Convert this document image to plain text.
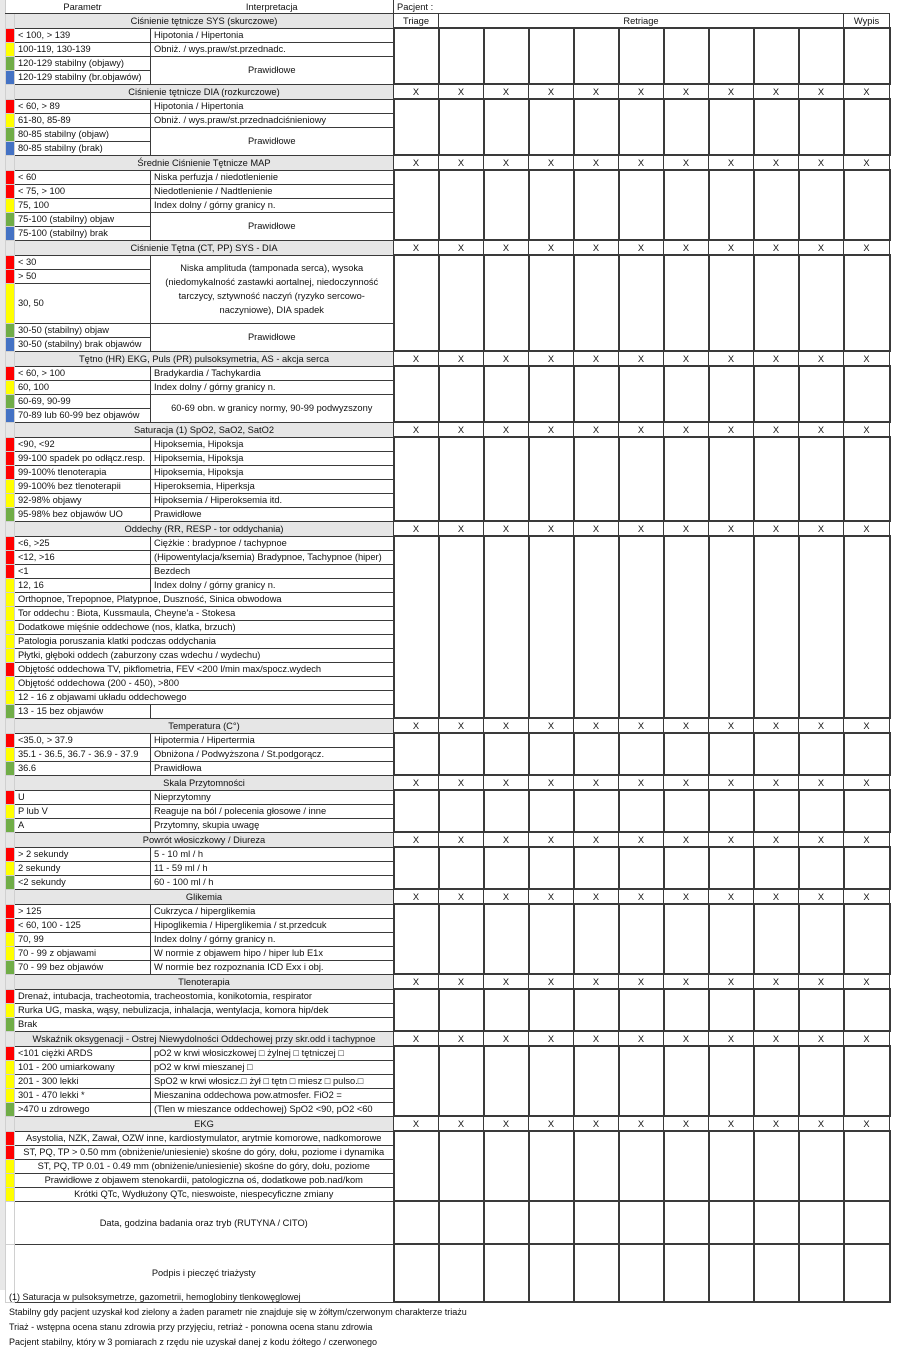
	Parametr	Interpretacja	Pacjent :										
	Ciśnienie tętnicze SYS (skurczowe)		Triage	Retriage									Wypis
	< 100, > 139	Hipotonia / Hipertonia											
	100-119, 130-139	Obniż. / wys.praw/st.przednadc.											
	120-129 stabilny (objawy)	Prawidłowe											
	120-129 stabilny (br.objawów)												
	Ciśnienie tętnicze DIA (rozkurczowe)		X	X	X	X	X	X	X	X	X	X	X
	< 60, > 89	Hipotonia / Hipertonia											
	61-80, 85-89	Obniż. / wys.praw/st.przednadciśnieniowy											
	80-85 stabilny (objaw)	Prawidłowe											
	80-85 stabilny (brak)												
	Średnie Ciśnienie Tętnicze MAP		X	X	X	X	X	X	X	X	X	X	X
	< 60	Niska perfuzja / niedotlenienie											
	< 75, > 100	Niedotlenienie / Nadtlenienie											
	75, 100	Index dolny / górny granicy n.											
	75-100 (stabilny) objaw	Prawidłowe											
	75-100 (stabilny) brak												
	Ciśnienie Tętna (CT, PP) SYS - DIA		X	X	X	X	X	X	X	X	X	X	X
	< 30	Niska amplituda (tamponada serca), wysoka (niedomykalność zastawki aortalnej, niedoczynność tarczycy, sztywność naczyń (ryzyko sercowo-naczyniowe), DIA spadek											
	> 50												
	30, 50												
	30-50 (stabilny) objaw	Prawidłowe											
	30-50 (stabilny) brak objawów												
	Tętno (HR) EKG, Puls (PR) pulsoksymetria, AS - akcja serca		X	X	X	X	X	X	X	X	X	X	X
	< 60, > 100	Bradykardia / Tachykardia											
	60, 100	Index dolny / górny granicy n.											
	60-69, 90-99	60-69 obn. w granicy normy, 90-99 podwyzszony											
	70-89 lub 60-99 bez objawów												
	Saturacja (1) SpO2, SaO2, SatO2		X	X	X	X	X	X	X	X	X	X	X
	<90, <92	Hipoksemia, Hipoksja											
	99-100 spadek po odłącz.resp.	Hipoksemia, Hipoksja											
	99-100% tlenoterapia	Hipoksemia, Hipoksja											
	99-100% bez tlenoterapii	Hiperoksemia, Hiperksja											
	92-98% objawy	Hipoksemia / Hiperoksemia itd.											
	95-98% bez objawów UO	Prawidłowe											
	Oddechy (RR, RESP - tor oddychania)		X	X	X	X	X	X	X	X	X	X	X
	<6, >25	Ciężkie : bradypnoe / tachypnoe											
	<12, >16	(Hipowentylacja/ksemia) Bradypnoe, Tachypnoe (hiper)											
	<1	Bezdech											
	12, 16	Index dolny / górny granicy n.											
	Orthopnoe, Trepopnoe, Platypnoe, Duszność, Sinica obwodowa												
	Tor oddechu : Biota, Kussmaula, Cheyne'a - Stokesa												
	Dodatkowe mięśnie oddechowe (nos, klatka, brzuch)												
	Patologia poruszania klatki podczas oddychania												
	Płytki, głęboki oddech (zaburzony czas wdechu / wydechu)												
	Objętość oddechowa TV, pikflometria, FEV <200 l/min max/spocz.wydech												
	Objętość oddechowa (200 - 450), >800												
	12 - 16 z objawami układu oddechowego												
	13 - 15 bez objawów												
	Temperatura (C°)		X	X	X	X	X	X	X	X	X	X	X
	<35.0, > 37.9	Hipotermia / Hipertermia											
	35.1 - 36.5, 36.7 - 36.9 - 37.9	Obniżona / Podwyższona / St.podgorącz.											
	36.6	Prawidłowa											
	Skala Przytomności		X	X	X	X	X	X	X	X	X	X	X
	U	Nieprzytomny											
	P lub V	Reaguje na ból / polecenia głosowe / inne											
	A	Przytomny, skupia uwagę											
	Powrót włosiczkowy / Diureza		X	X	X	X	X	X	X	X	X	X	X
	> 2 sekundy	5 - 10 ml / h											
	2 sekundy	11 - 59 ml / h											
	<2 sekundy	60 - 100 ml / h											
	Glikemia		X	X	X	X	X	X	X	X	X	X	X
	> 125	Cukrzyca / hiperglikemia											
	< 60, 100 - 125	Hipoglikemia / Hiperglikemia / st.przedcuk											
	70, 99	Index dolny / górny granicy n.											
	70 - 99 z objawami	W normie z objawem hipo / hiper lub E1x											
	70 - 99 bez objawów	W normie bez rozpoznania ICD Exx i obj.											
	Tlenoterapia		X	X	X	X	X	X	X	X	X	X	X
	Drenaż, intubacja, tracheotomia, tracheostomia, konikotomia, respirator												
	Rurka UG, maska, wąsy, nebulizacja, inhalacja, wentylacja, komora hip/dek												
	Brak												
	Wskaźnik oksygenacji - Ostrej Niewydolności Oddechowej przy skr.odd i tachypnoe		X	X	X	X	X	X	X	X	X	X	X
	<101 ciężki ARDS	pO2 w krwi włosiczkowej □ żylnej □ tętniczej □											
	101 - 200 umiarkowany	pO2 w krwi mieszanej □											
	201 - 300 lekki	SpO2 w krwi włosicz.□ żył □ tętn □ miesz □ pulso.□											
	301 - 470 lekki *	Mieszanina oddechowa pow.atmosfer. FiO2 =											
	>470 u zdrowego	(Tlen w mieszance oddechowej) SpO2 <90, pO2 <60											
	EKG		X	X	X	X	X	X	X	X	X	X	X
	Asystolia, NZK, Zawał, OZW inne, kardiostymulator, arytmie komorowe, nadkomorowe												
	ST, PQ, TP > 0.50 mm (obniżenie/uniesienie) skośne do góry, dołu, poziome i dynamika												
	ST, PQ, TP 0.01 - 0.49 mm (obniżenie/uniesienie) skośne do góry, dołu, poziome												
	Prawidłowe z objawem stenokardii, patologiczna oś, dodatkowe pob.nad/kom												
	Krótki QTc, Wydłużony QTc, nieswoiste, niespecyficzne zmiany												
	Data, godzina badania oraz tryb (RUTYNA / CITO)												
	Podpis i pieczęć triażysty												
(1) Saturacja w pulsoksymetrze, gazometrii, hemoglobiny tlenkowęglowej
Stabilny gdy pacjent uzyskał kod zielony a żaden parametr nie znajduje się w żółtym/czerwonym charakterze triażu
Triaż - wstępna ocena stanu zdrowia przy przyjęciu, retriaż - ponowna ocena stanu zdrowia
Pacjent stabilny, który w 3 pomiarach z rzędu nie uzyskał danej z kodu żółtego / czerwonego
